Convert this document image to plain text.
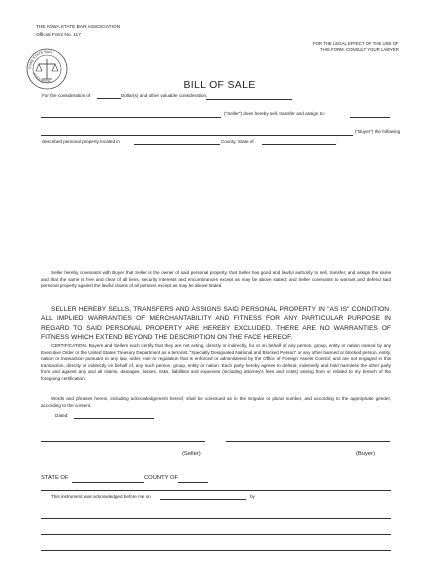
THE IOWA STATE BAR ASSOCIATION
Official Form No. 117
FOR THE LEGAL EFFECT OF THE USE OF
THIS FORM, CONSULT YOUR LAWYER
IOWA STATE BAR
ASSOCIATION	BILL OF SALE
For the consideration of	Dollar(s) and other valuable consideration,
("Seller") does hereby sell, transfer and assign to:
("Buyer") the following
described personal property located in	County, State of	:
Seller hereby covenants with Buyer that Seller is the owner of said personal property, that Seller has good and lawful authority to sell, transfer, and assign the same and that the same is free and clear of all liens, security interests and encumbrances except as may be above stated; and Seller covenants to warrant and defend said personal property against the lawful claims of all persons except as may be above stated.
SELLER HEREBY SELLS, TRANSFERS AND ASSIGNS SAID PERSONAL PROPERTY IN "AS IS" CONDITION. ALL IMPLIED WARRANTIES OF MERCHANTABILITY AND FITNESS FOR ANY PARTICULAR PURPOSE IN REGARD TO SAID PERSONAL PROPERTY ARE HEREBY EXCLUDED. THERE ARE NO WARRANTIES OF FITNESS WHICH EXTEND BEYOND THE DESCRIPTION ON THE FACE HEREOF.
CERTIFICATION. Buyers and Sellers each certify that they are not acting, directly or indirectly, for or on behalf of any person, group, entity or nation named by any Executive Order or the United States Treasury Department as a terrorist, "Specially Designated National and Blocked Person" or any other banned or blocked person, entity, nation or transaction pursuant to any law, order, rule or regulation that is enforced or administered by the Office of Foreign Assets Control; and are not engaged in this transaction, directly or indirectly on behalf of, any such person, group, entity or nation. Each party hereby agrees to defend, indemnify and hold harmless the other party from and against any and all claims, damages, losses, risks, liabilities and expenses (including attorney's fees and costs) arising from or related to my breach of the foregoing certification.
Words and phrases herein, including acknowledgement hereof, shall be construed as in the singular or plural number, and according to the appropriate gender, according to the content.
Dated:
(Seller)	(Buyer)
STATE OF	COUNTY OF
This instrument was acknowledged before me on	by
